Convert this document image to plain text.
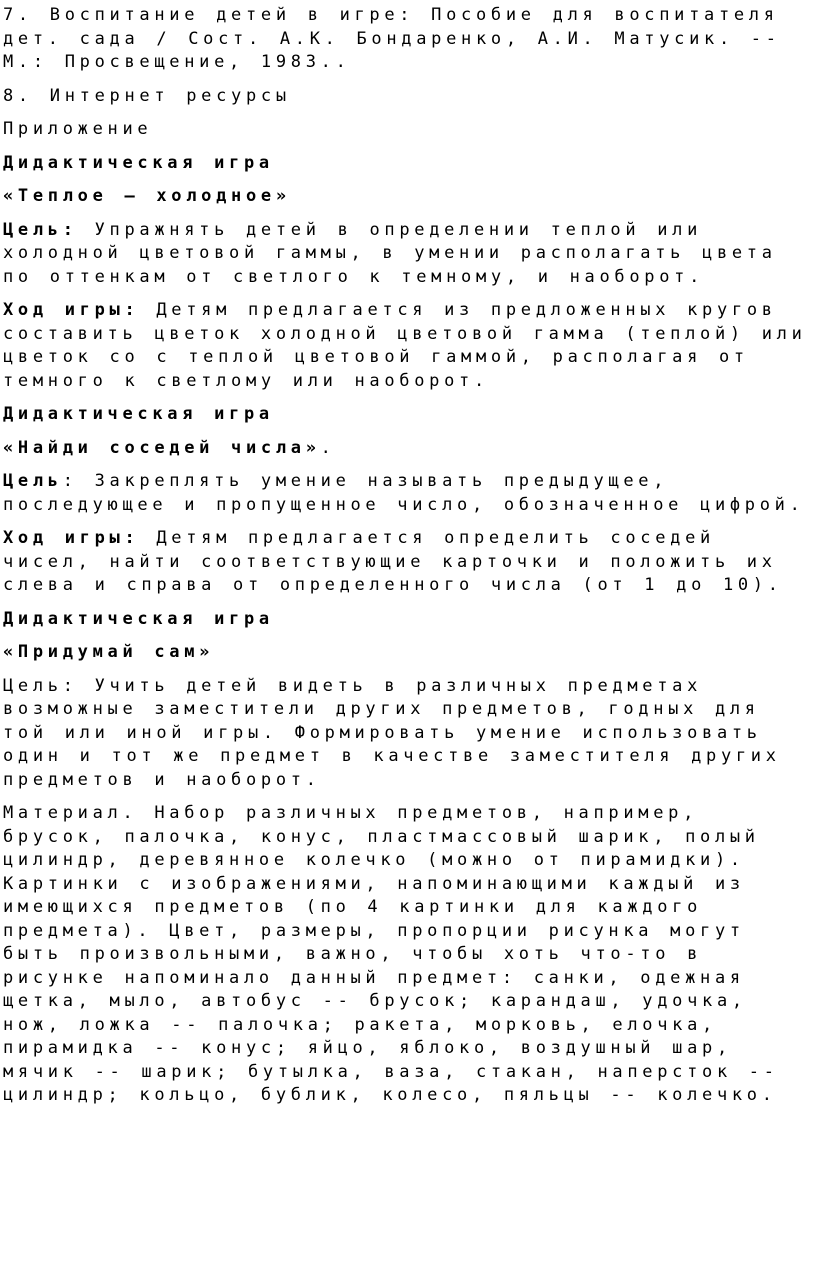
7. Воспитание детей в игре: Пособие для воспитателя дет. сада / Сост. А.К. Бондаренко, А.И. Матусик. -- М.: Просвещение, 1983..

8. Интернет ресурсы

Приложение

Дидактическая игра

«Теплое – холодное»

Цель: Упражнять детей в определении теплой или холодной цветовой гаммы, в умении располагать цвета по оттенкам от светлого к темному, и наоборот.

Ход игры: Детям предлагается из предложенных кругов составить цветок холодной цветовой гамма (теплой) или цветок со с теплой цветовой гаммой, располагая от темного к светлому или наоборот.

Дидактическая игра

«Найди соседей числа».

Цель: Закреплять умение называть предыдущее, последующее и пропущенное число, обозначенное цифрой.

Ход игры: Детям предлагается определить соседей чисел, найти соответствующие карточки и положить их слева и справа от определенного числа (от 1 до 10).

Дидактическая игра

«Придумай сам»

Цель: Учить детей видеть в различных предметах возможные заместители других предметов, годных для той или иной игры. Формировать умение использовать один и тот же предмет в качестве заместителя других предметов и наоборот.

Материал. Набор различных предметов, например, брусок, палочка, конус, пластмассовый шарик, полый цилиндр, деревянное колечко (можно от пирамидки). Картинки с изображениями, напоминающими каждый из имеющихся предметов (по 4 картинки для каждого предмета). Цвет, размеры, пропорции рисунка могут быть произвольными, важно, чтобы хоть что-то в рисунке напоминало данный предмет: санки, одежная щетка, мыло, автобус -- брусок; карандаш, удочка, нож, ложка -- палочка; ракета, морковь, елочка, пирамидка -- конус; яйцо, яблоко, воздушный шар, мячик -- шарик; бутылка, ваза, стакан, наперсток -- цилиндр; кольцо, бублик, колесо, пяльцы -- колечко.
